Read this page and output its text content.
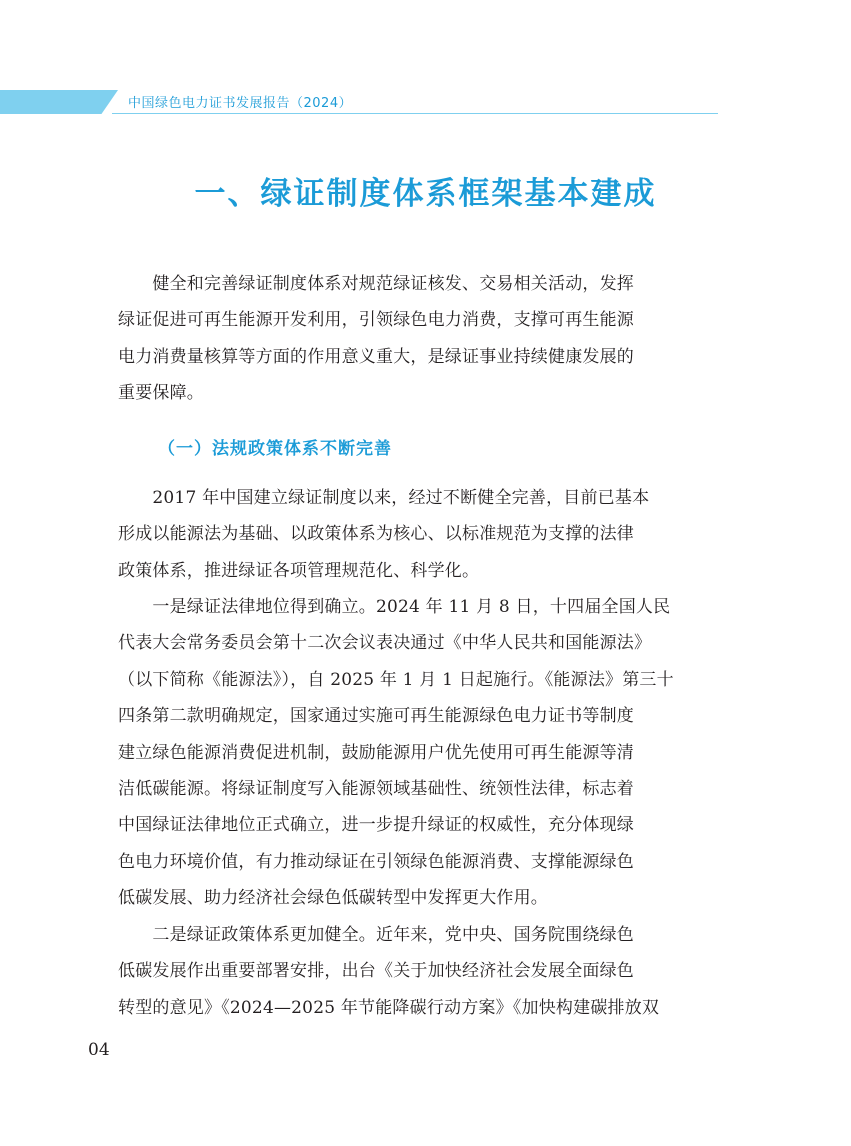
中国绿色电力证书发展报告（2024）
一、绿证制度体系框架基本建成
　　健全和完善绿证制度体系对规范绿证核发、交易相关活动，发挥
绿证促进可再生能源开发利用，引领绿色电力消费，支撑可再生能源
电力消费量核算等方面的作用意义重大，是绿证事业持续健康发展的
重要保障。
（一）法规政策体系不断完善
　　2017 年中国建立绿证制度以来，经过不断健全完善，目前已基本
形成以能源法为基础、以政策体系为核心、以标准规范为支撑的法律
政策体系，推进绿证各项管理规范化、科学化。
　　一是绿证法律地位得到确立。2024 年 11 月 8 日，十四届全国人民
代表大会常务委员会第十二次会议表决通过《中华人民共和国能源法》
（以下简称《能源法》），自 2025 年 1 月 1 日起施行。《能源法》第三十
四条第二款明确规定，国家通过实施可再生能源绿色电力证书等制度
建立绿色能源消费促进机制，鼓励能源用户优先使用可再生能源等清
洁低碳能源。将绿证制度写入能源领域基础性、统领性法律，标志着
中国绿证法律地位正式确立，进一步提升绿证的权威性，充分体现绿
色电力环境价值，有力推动绿证在引领绿色能源消费、支撑能源绿色
低碳发展、助力经济社会绿色低碳转型中发挥更大作用。
　　二是绿证政策体系更加健全。近年来，党中央、国务院围绕绿色
低碳发展作出重要部署安排，出台《关于加快经济社会发展全面绿色
转型的意见》《2024—2025 年节能降碳行动方案》《加快构建碳排放双
04
